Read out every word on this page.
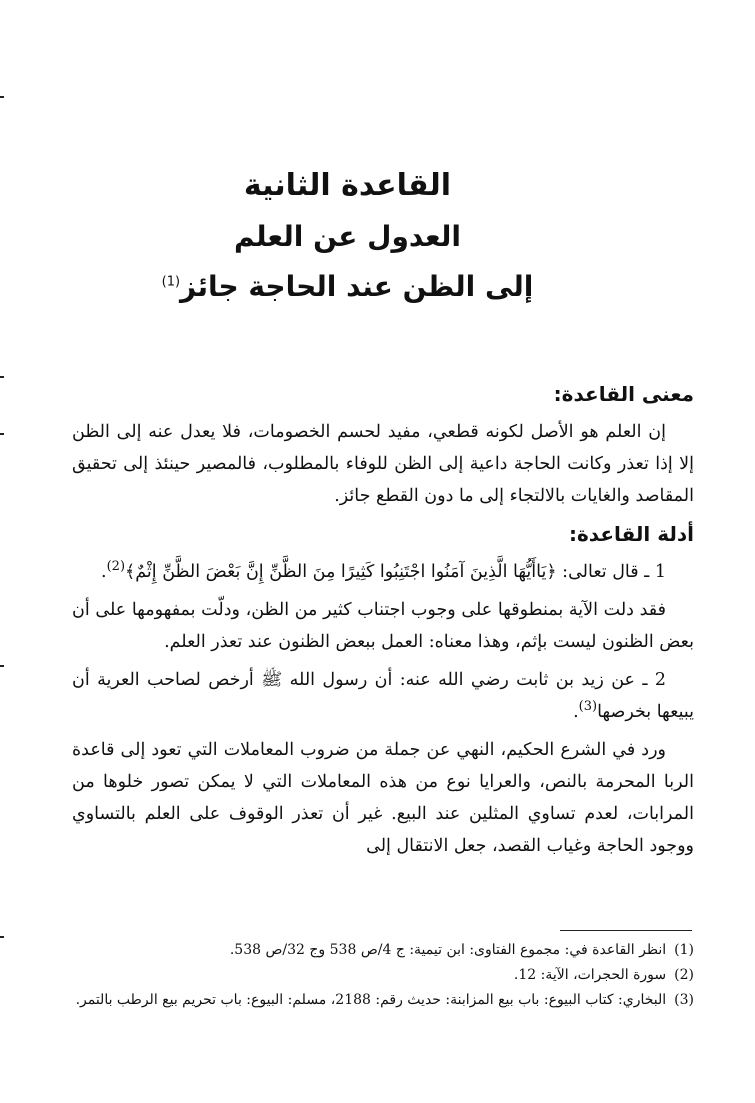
القاعدة الثانية
العدول عن العلم
إلى الظن عند الحاجة جائز$^{(1)}$
معنى القاعدة:

إن العلم هو الأصل لكونه قطعي، مفيد لحسم الخصومات، فلا يعدل عنه إلى الظن إلا إذا تعذر وكانت الحاجة داعية إلى الظن للوفاء بالمطلوب، فالمصير حينئذ إلى تحقيق المقاصد والغايات بالالتجاء إلى ما دون القطع جائز.

أدلة القاعدة:

1 ـ قال تعالى: ﴿يَاأَيُّهَا الَّذِينَ آمَنُوا اجْتَنِبُوا كَثِيرًا مِنَ الظَّنِّ إِنَّ بَعْضَ الظَّنِّ إِثْمٌ﴾$^{(2)}$.

فقد دلت الآية بمنطوقها على وجوب اجتناب كثير من الظن، ودلّت بمفهومها على أن بعض الظنون ليست بإثم، وهذا معناه: العمل ببعض الظنون عند تعذر العلم.

2 ـ عن زيد بن ثابت رضي الله عنه: أن رسول الله ﷺ أرخص لصاحب العرية أن يبيعها بخرصها$^{(3)}$.

ورد في الشرع الحكيم، النهي عن جملة من ضروب المعاملات التي تعود إلى قاعدة الربا المحرمة بالنص، والعرايا نوع من هذه المعاملات التي لا يمكن تصور خلوها من المرابات، لعدم تساوي المثلين عند البيع. غير أن تعذر الوقوف على العلم بالتساوي ووجود الحاجة وغياب القصد، جعل الانتقال إلى

(1)انظر القاعدة في: مجموع الفتاوى: ابن تيمية: ج 4/ص 538 وج 32/ص 538.

(2)سورة الحجرات، الآية: 12.

(3)البخاري: كتاب البيوع: باب بيع المزابنة: حديث رقم: 2188، مسلم: البيوع: باب تحريم بيع الرطب بالتمر.
